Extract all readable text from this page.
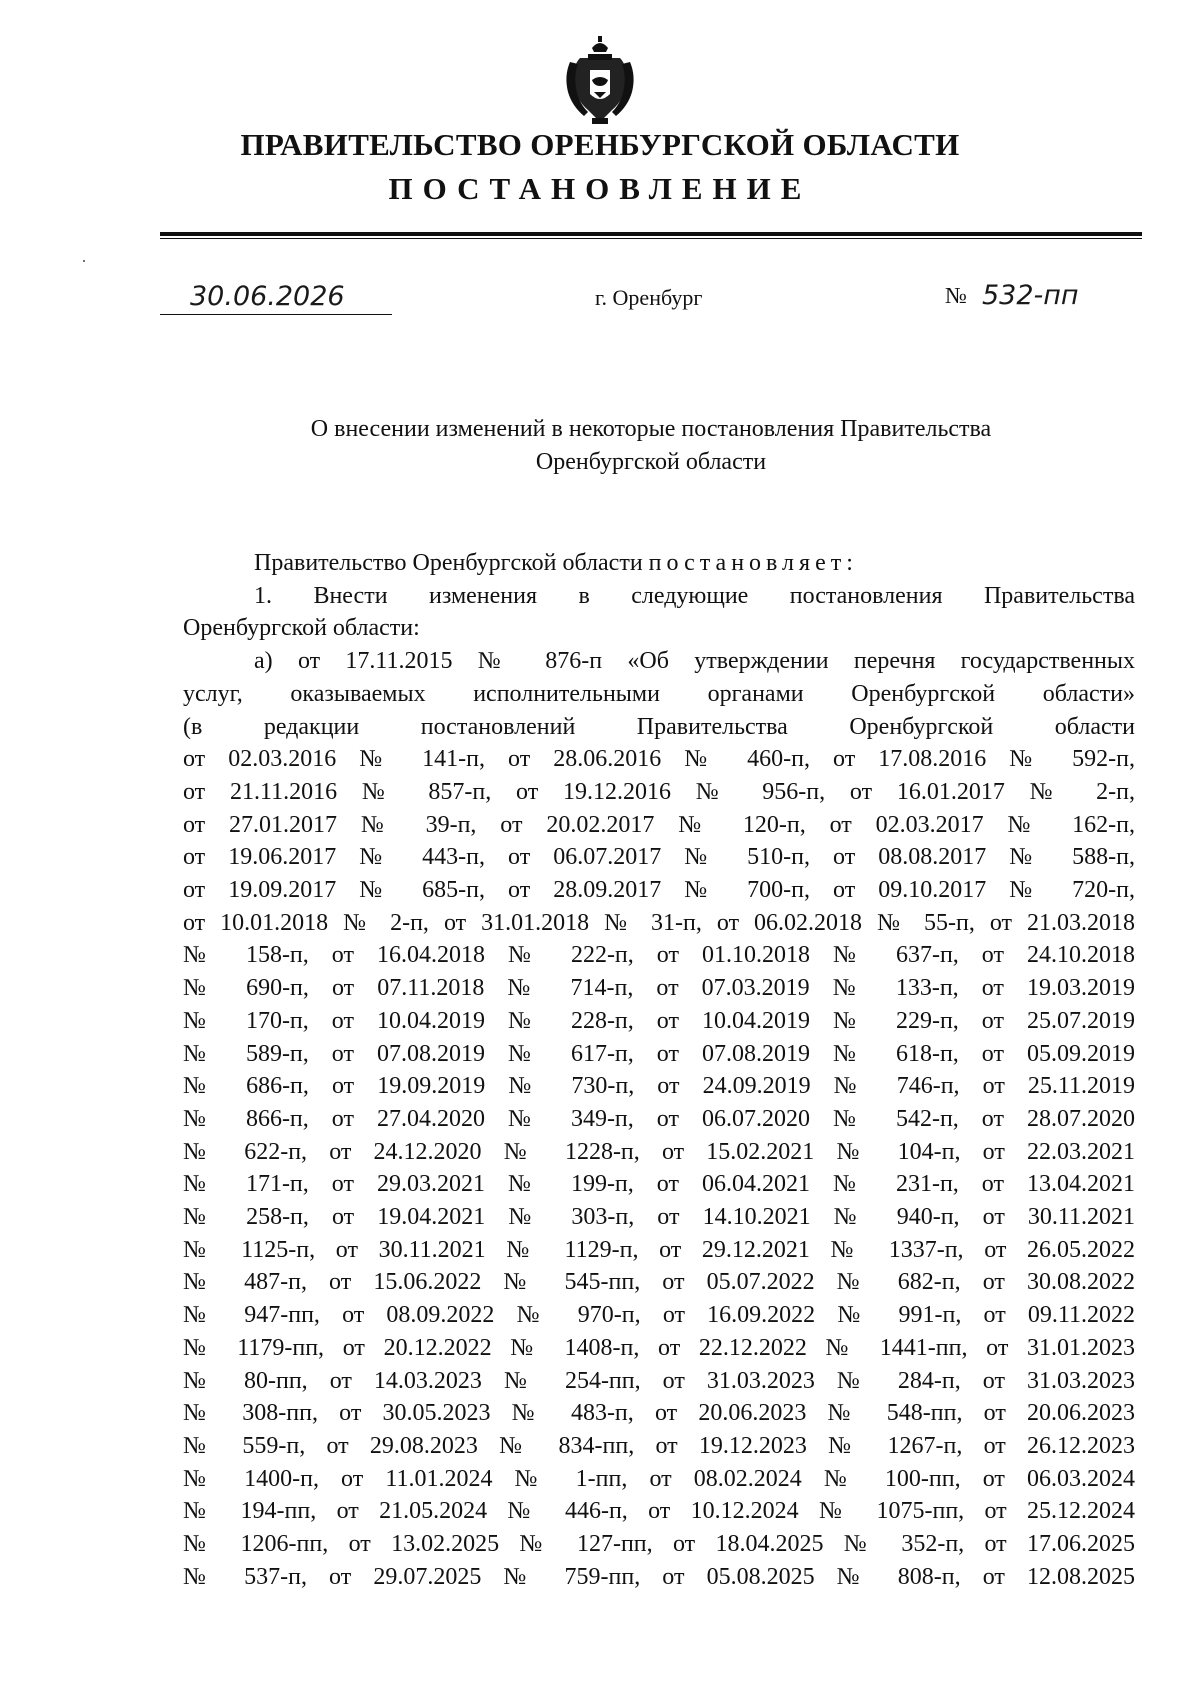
ПРАВИТЕЛЬСТВО ОРЕНБУРГСКОЙ ОБЛАСТИ
ПОСТАНОВЛЕНИЕ
30.06.2026	г. Оренбург	№ 532-пп

О внесении изменений в некоторые постановления Правительства

Оренбургской области

Правительство Оренбургской области постановляет:

1. Внести изменения в следующие постановления Правительства
Оренбургской области:
а) от 17.11.2015 № 876-п «Об утверждении перечня государственных
услуг, оказываемых исполнительными органами Оренбургской области»
(в редакции постановлений Правительства Оренбургской области
от 02.03.2016 № 141-п, от 28.06.2016 № 460-п, от 17.08.2016 № 592-п,
от 21.11.2016 № 857-п, от 19.12.2016 № 956-п, от 16.01.2017 № 2-п,
от 27.01.2017 № 39-п, от 20.02.2017 № 120-п, от 02.03.2017 № 162-п,
от 19.06.2017 № 443-п, от 06.07.2017 № 510-п, от 08.08.2017 № 588-п,
от 19.09.2017 № 685-п, от 28.09.2017 № 700-п, от 09.10.2017 № 720-п,
от 10.01.2018 № 2-п, от 31.01.2018 № 31-п, от 06.02.2018 № 55-п, от 21.03.2018
№ 158-п, от 16.04.2018 № 222-п, от 01.10.2018 № 637-п, от 24.10.2018
№ 690-п, от 07.11.2018 № 714-п, от 07.03.2019 № 133-п, от 19.03.2019
№ 170-п, от 10.04.2019 № 228-п, от 10.04.2019 № 229-п, от 25.07.2019
№ 589-п, от 07.08.2019 № 617-п, от 07.08.2019 № 618-п, от 05.09.2019
№ 686-п, от 19.09.2019 № 730-п, от 24.09.2019 № 746-п, от 25.11.2019
№ 866-п, от 27.04.2020 № 349-п, от 06.07.2020 № 542-п, от 28.07.2020
№ 622-п, от 24.12.2020 № 1228-п, от 15.02.2021 № 104-п, от 22.03.2021
№ 171-п, от 29.03.2021 № 199-п, от 06.04.2021 № 231-п, от 13.04.2021
№ 258-п, от 19.04.2021 № 303-п, от 14.10.2021 № 940-п, от 30.11.2021
№ 1125-п, от 30.11.2021 № 1129-п, от 29.12.2021 № 1337-п, от 26.05.2022
№ 487-п, от 15.06.2022 № 545-пп, от 05.07.2022 № 682-п, от 30.08.2022
№ 947-пп, от 08.09.2022 № 970-п, от 16.09.2022 № 991-п, от 09.11.2022
№ 1179-пп, от 20.12.2022 № 1408-п, от 22.12.2022 № 1441-пп, от 31.01.2023
№ 80-пп, от 14.03.2023 № 254-пп, от 31.03.2023 № 284-п, от 31.03.2023
№ 308-пп, от 30.05.2023 № 483-п, от 20.06.2023 № 548-пп, от 20.06.2023
№ 559-п, от 29.08.2023 № 834-пп, от 19.12.2023 № 1267-п, от 26.12.2023
№ 1400-п, от 11.01.2024 № 1-пп, от 08.02.2024 № 100-пп, от 06.03.2024
№ 194-пп, от 21.05.2024 № 446-п, от 10.12.2024 № 1075-пп, от 25.12.2024
№ 1206-пп, от 13.02.2025 № 127-пп, от 18.04.2025 № 352-п, от 17.06.2025
№ 537-п, от 29.07.2025 № 759-пп, от 05.08.2025 № 808-п, от 12.08.2025
